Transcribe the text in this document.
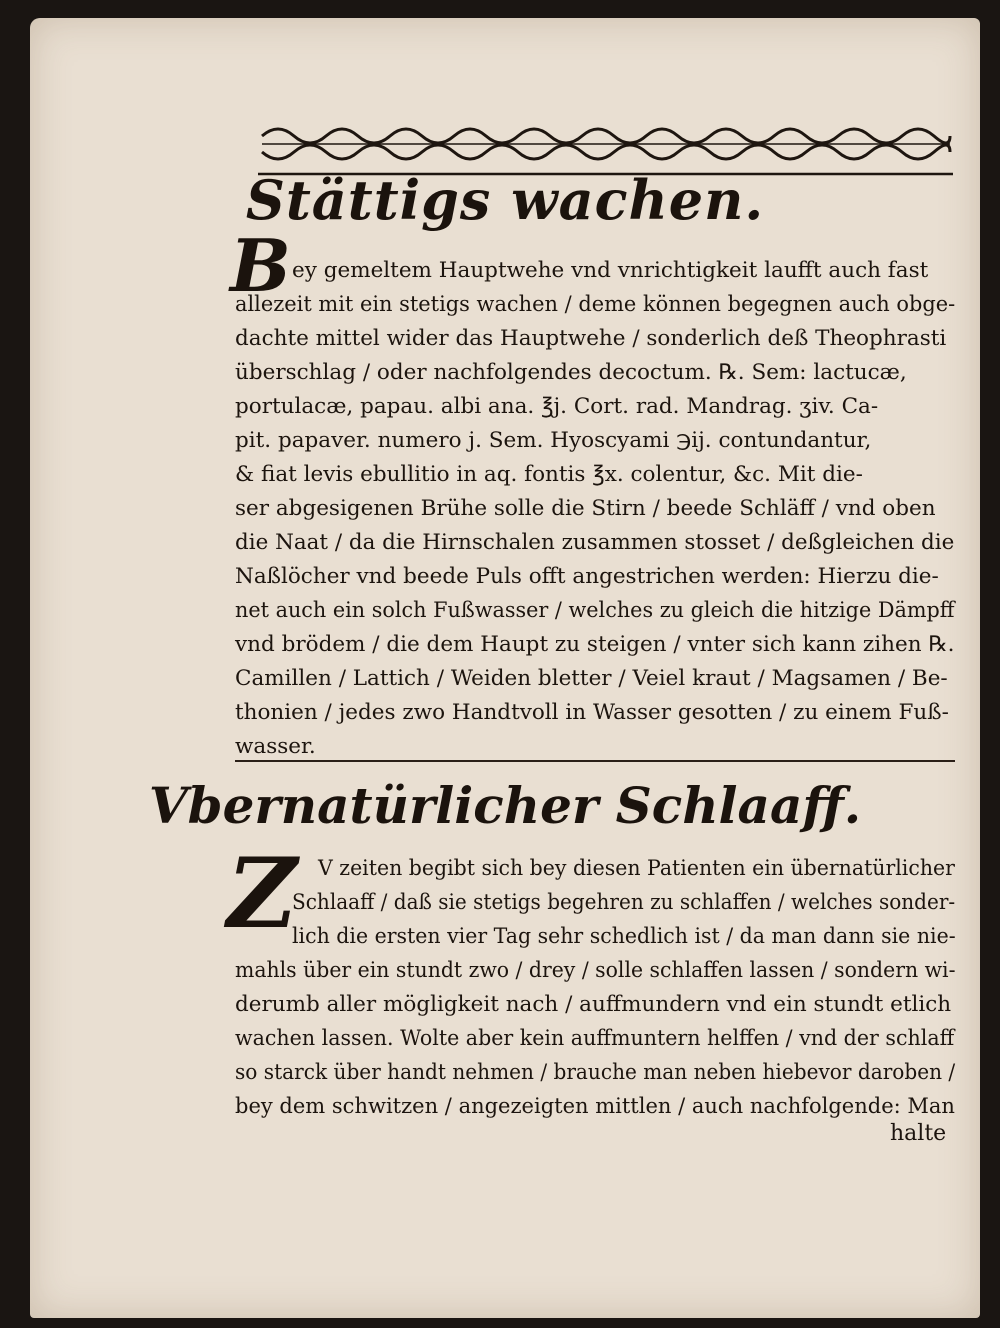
Stättigs wachen.
B ey gemeltem Hauptwehe vnd vnrichtigkeit laufft auch fast
allezeit mit ein stetigs wachen / deme können begegnen auch obge-
dachte mittel wider das Hauptwehe / sonderlich deß Theophrasti
überschlag / oder nachfolgendes decoctum. ℞. Sem: lactucæ,
portulacæ, papau. albi ana. ℥j. Cort. rad. Mandrag. ʒiv. Ca-
pit. papaver. numero j. Sem. Hyoscyami ℈ij. contundantur,
& fiat levis ebullitio in aq. fontis ℥x. colentur, &c. Mit die-
ser abgesigenen Brühe solle die Stirn / beede Schläff / vnd oben
die Naat / da die Hirnschalen zusammen stosset / deßgleichen die
Naßlöcher vnd beede Puls offt angestrichen werden: Hierzu die-
net auch ein solch Fußwasser / welches zu gleich die hitzige Dämpff
vnd brödem / die dem Haupt zu steigen / vnter sich kann zihen ℞.
Camillen / Lattich / Weiden bletter / Veiel kraut / Magsamen / Be-
thonien / jedes zwo Handtvoll in Wasser gesotten / zu einem Fuß-
wasser.
Vbernatürlicher Schlaaff.
Z V zeiten begibt sich bey diesen Patienten ein übernatürlicher
Schlaaff / daß sie stetigs begehren zu schlaffen / welches sonder-
lich die ersten vier Tag sehr schedlich ist / da man dann sie nie-
mahls über ein stundt zwo / drey / solle schlaffen lassen / sondern wi-
derumb aller mögligkeit nach / auffmundern vnd ein stundt etlich
wachen lassen. Wolte aber kein auffmuntern helffen / vnd der schlaff
so starck über handt nehmen / brauche man neben hiebevor daroben /
bey dem schwitzen / angezeigten mittlen / auch nachfolgende: Man
halte
